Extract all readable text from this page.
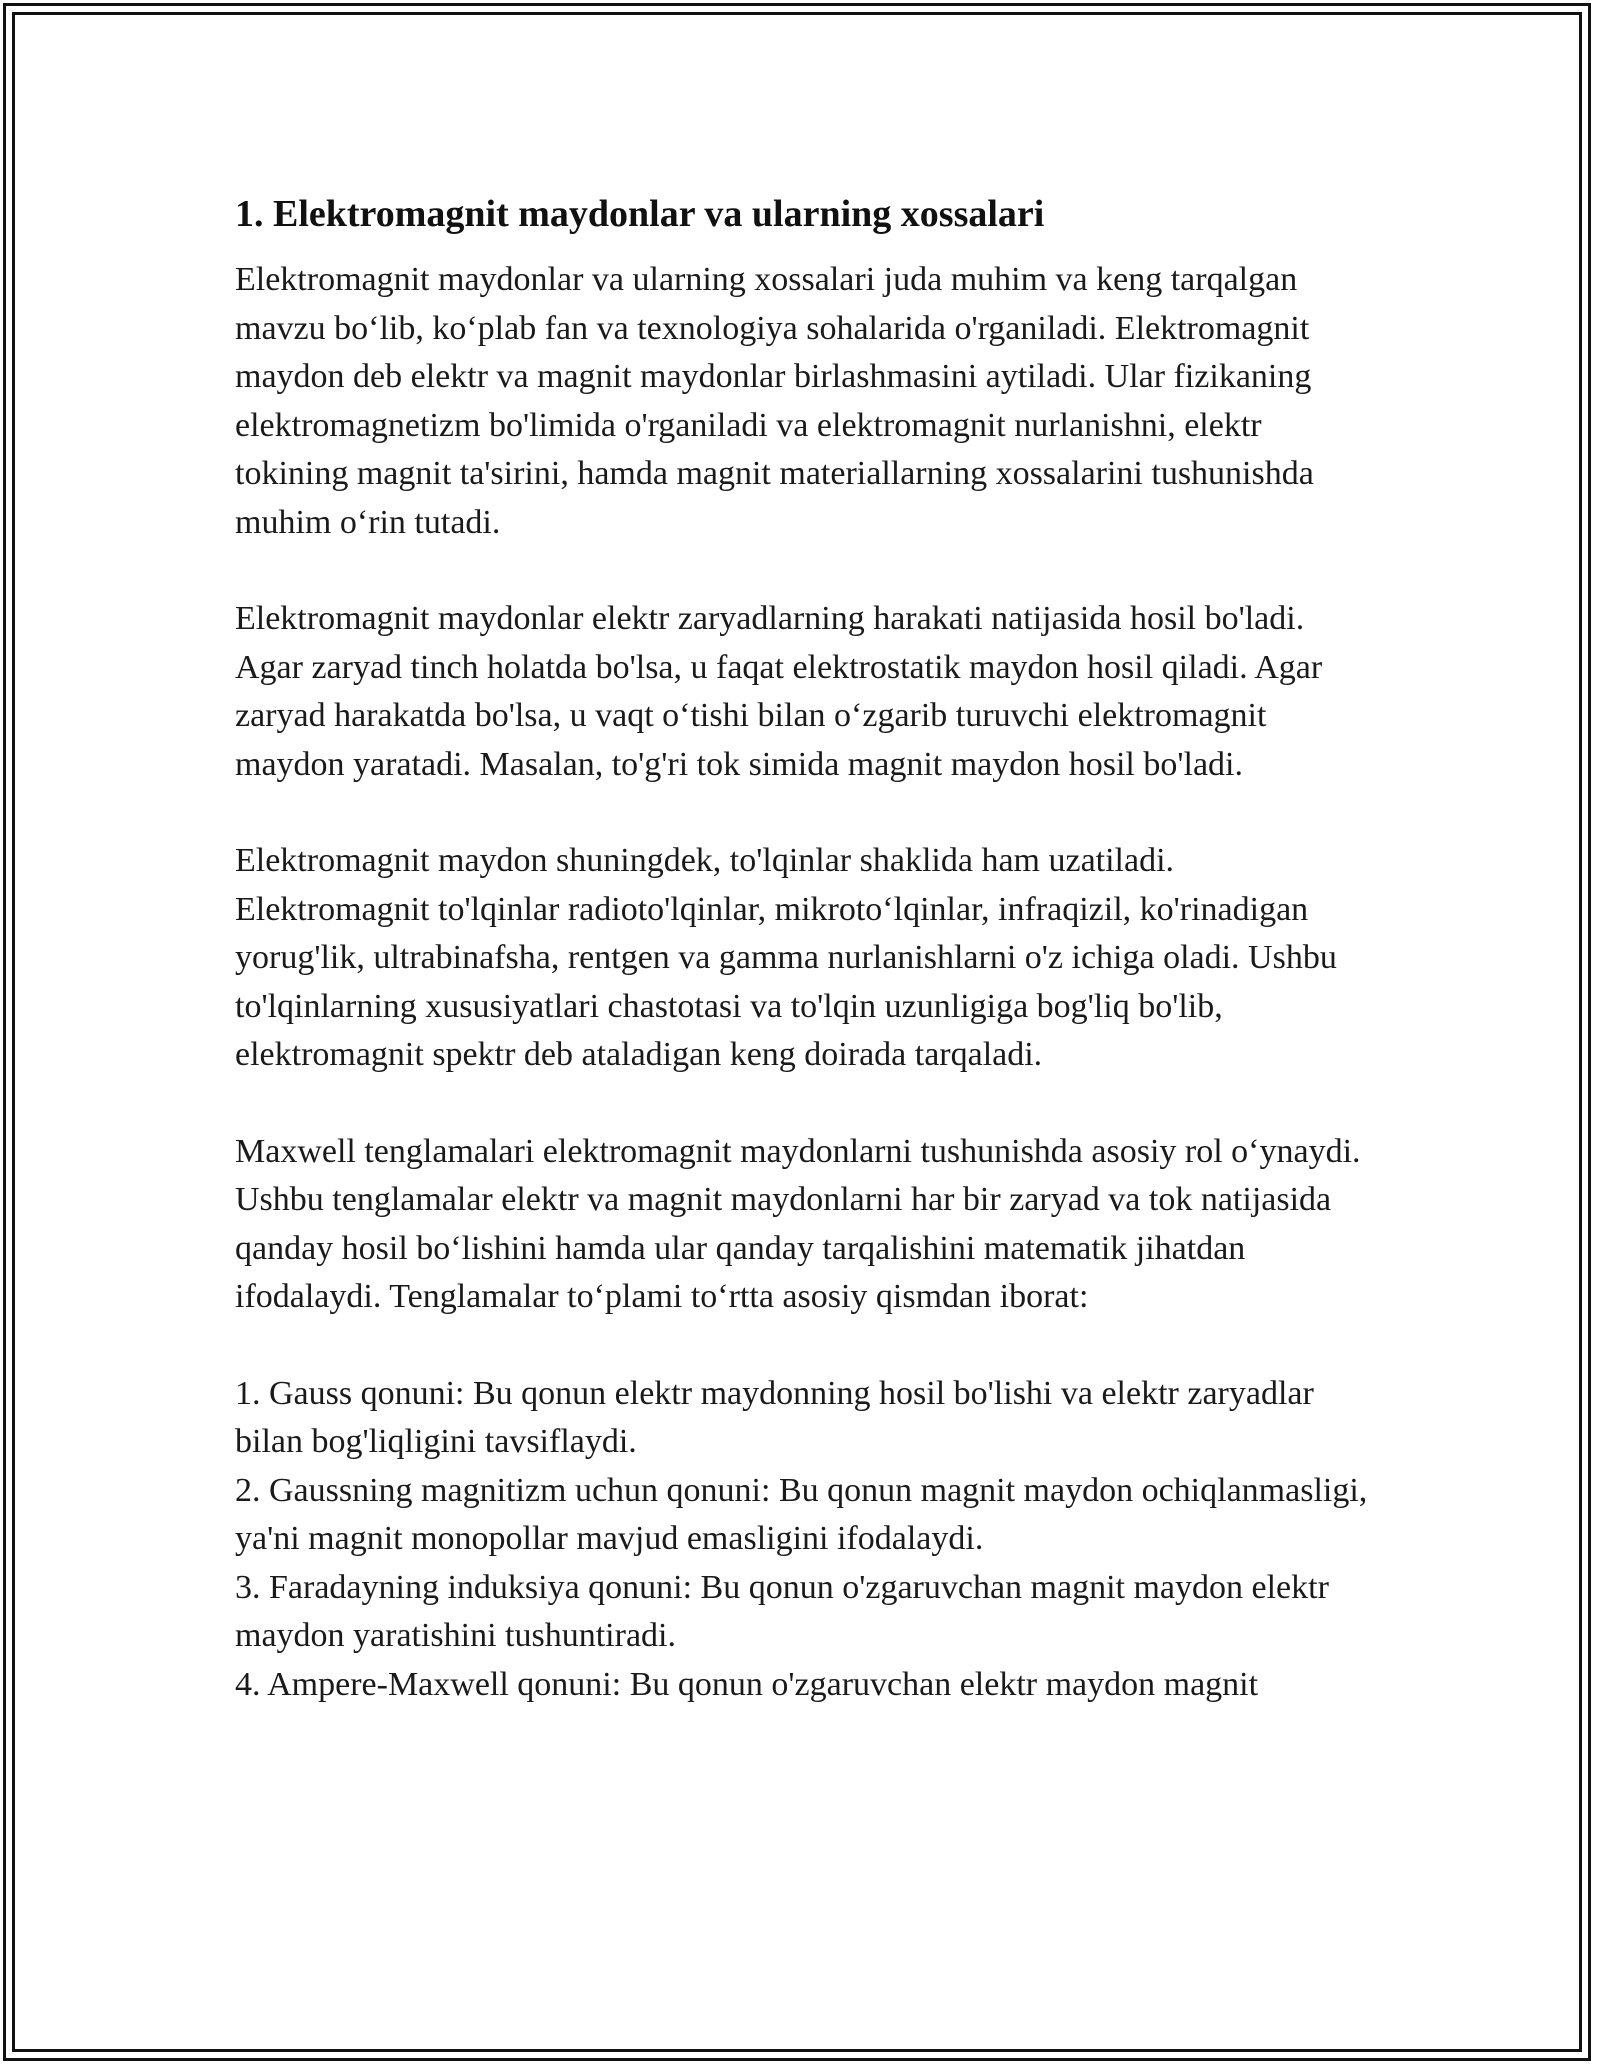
1. Elektromagnit maydonlar va ularning xossalari

Elektromagnit maydonlar va ularning xossalari juda muhim va keng tarqalgan mavzu bo‘lib, ko‘plab fan va texnologiya sohalarida o'rganiladi. Elektromagnit maydon deb elektr va magnit maydonlar birlashmasini aytiladi. Ular fizikaning elektromagnetizm bo'limida o'rganiladi va elektromagnit nurlanishni, elektr tokining magnit ta'sirini, hamda magnit materiallarning xossalarini tushunishda muhim o‘rin tutadi.

Elektromagnit maydonlar elektr zaryadlarning harakati natijasida hosil bo'ladi. Agar zaryad tinch holatda bo'lsa, u faqat elektrostatik maydon hosil qiladi. Agar zaryad harakatda bo'lsa, u vaqt o‘tishi bilan o‘zgarib turuvchi elektromagnit maydon yaratadi. Masalan, to'g'ri tok simida magnit maydon hosil bo'ladi.

Elektromagnit maydon shuningdek, to'lqinlar shaklida ham uzatiladi. Elektromagnit to'lqinlar radioto'lqinlar, mikroto‘lqinlar, infraqizil, ko'rinadigan yorug'lik, ultrabinafsha, rentgen va gamma nurlanishlarni o'z ichiga oladi. Ushbu to'lqinlarning xususiyatlari chastotasi va to'lqin uzunligiga bog'liq bo'lib, elektromagnit spektr deb ataladigan keng doirada tarqaladi.

Maxwell tenglamalari elektromagnit maydonlarni tushunishda asosiy rol o‘ynaydi. Ushbu tenglamalar elektr va magnit maydonlarni har bir zaryad va tok natijasida qanday hosil bo‘lishini hamda ular qanday tarqalishini matematik jihatdan ifodalaydi. Tenglamalar to‘plami to‘rtta asosiy qismdan iborat:

1. Gauss qonuni: Bu qonun elektr maydonning hosil bo'lishi va elektr zaryadlar bilan bog'liqligini tavsiflaydi.
2. Gaussning magnitizm uchun qonuni: Bu qonun magnit maydon ochiqlanmasligi, ya'ni magnit monopollar mavjud emasligini ifodalaydi.
3. Faradayning induksiya qonuni: Bu qonun o'zgaruvchan magnit maydon elektr maydon yaratishini tushuntiradi.
4. Ampere-Maxwell qonuni: Bu qonun o'zgaruvchan elektr maydon magnit
